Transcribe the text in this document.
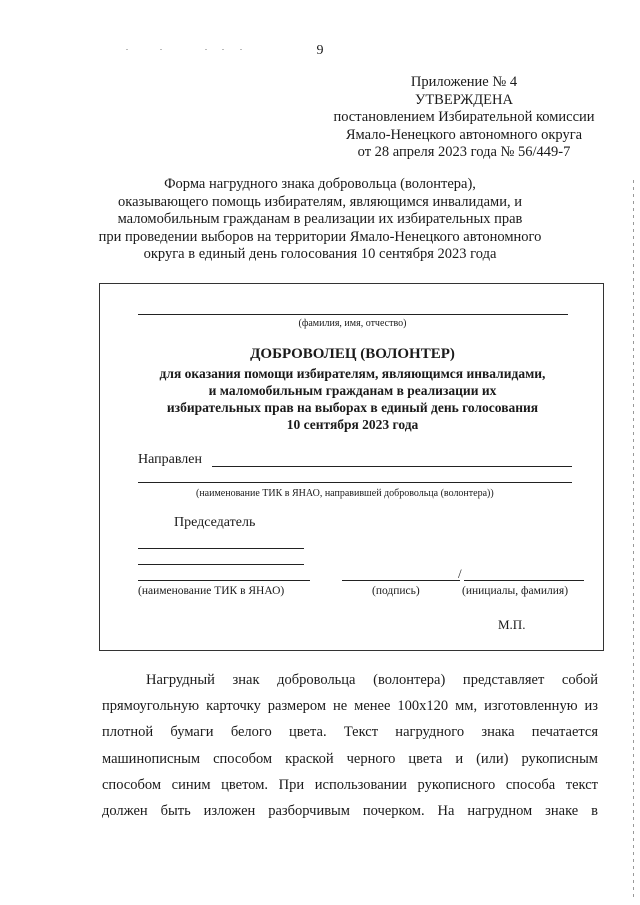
9
Приложение № 4
УТВЕРЖДЕНА
постановлением Избирательной комиссии
Ямало-Ненецкого автономного округа
от 28 апреля 2023 года № 56/449-7
Форма нагрудного знака добровольца (волонтера),
оказывающего помощь избирателям, являющимся инвалидами, и
маломобильным гражданам в реализации их избирательных прав
при проведении выборов на территории Ямало-Ненецкого автономного
округа в единый день голосования 10 сентября 2023 года
(фамилия, имя, отчество)
ДОБРОВОЛЕЦ (ВОЛОНТЕР)
для оказания помощи избирателям, являющимся инвалидами,
и маломобильным гражданам в реализации их
избирательных прав на выборах в единый день голосования
10 сентября 2023 года
Направлен
(наименование ТИК в ЯНАО, направившей добровольца (волонтера))
Председатель
/
(наименование ТИК в ЯНАО)	(подпись)	(инициалы, фамилия)
М.П.

Нагрудный знак добровольца (волонтера) представляет собой

прямоугольную карточку размером не менее 100x120 мм, изготовленную из
плотной бумаги белого цвета. Текст нагрудного знака печатается
машинописным способом краской черного цвета и (или) рукописным
способом синим цветом. При использовании рукописного способа текст
должен быть изложен разборчивым почерком. На нагрудном знаке в
